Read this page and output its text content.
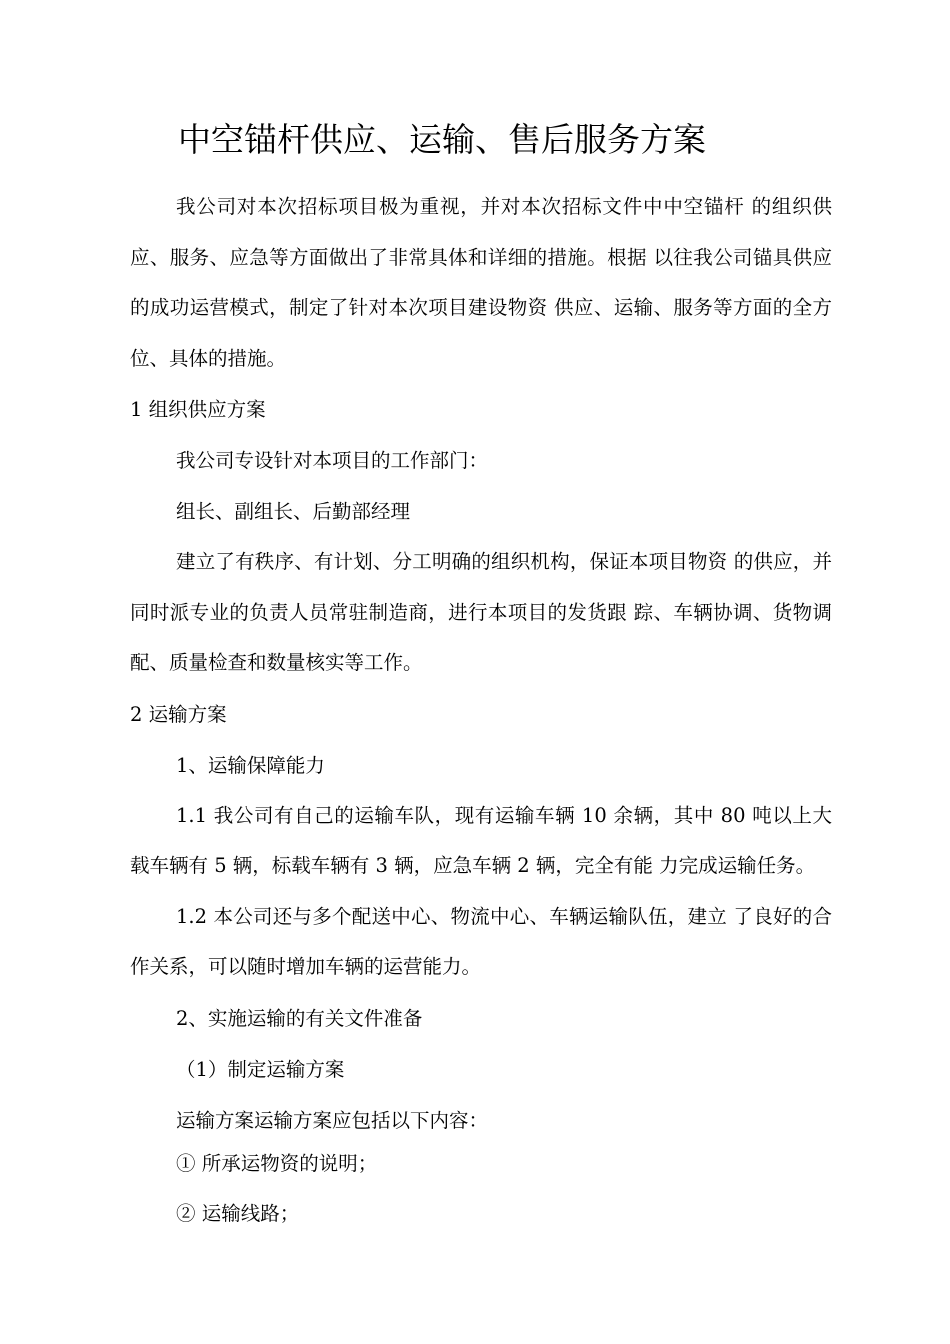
中空锚杆供应、运输、售后服务方案

我公司对本次招标项目极为重视，并对本次招标文件中中空锚杆 的组织供应、服务、应急等方面做出了非常具体和详细的措施。根据 以往我公司锚具供应的成功运营模式，制定了针对本次项目建设物资 供应、运输、服务等方面的全方位、具体的措施。

1 组织供应方案

我公司专设针对本项目的工作部门：

组长、副组长、后勤部经理

建立了有秩序、有计划、分工明确的组织机构，保证本项目物资 的供应，并同时派专业的负责人员常驻制造商，进行本项目的发货跟 踪、车辆协调、货物调配、质量检查和数量核实等工作。

2 运输方案

1、运输保障能力

1.1 我公司有自己的运输车队，现有运输车辆 10 余辆，其中 80 吨以上大载车辆有 5 辆，标载车辆有 3 辆，应急车辆 2 辆，完全有能 力完成运输任务。

1.2 本公司还与多个配送中心、物流中心、车辆运输队伍，建立 了良好的合作关系，可以随时增加车辆的运营能力。

2、实施运输的有关文件准备

（1）制定运输方案

运输方案运输方案应包括以下内容：

① 所承运物资的说明；

② 运输线路；
